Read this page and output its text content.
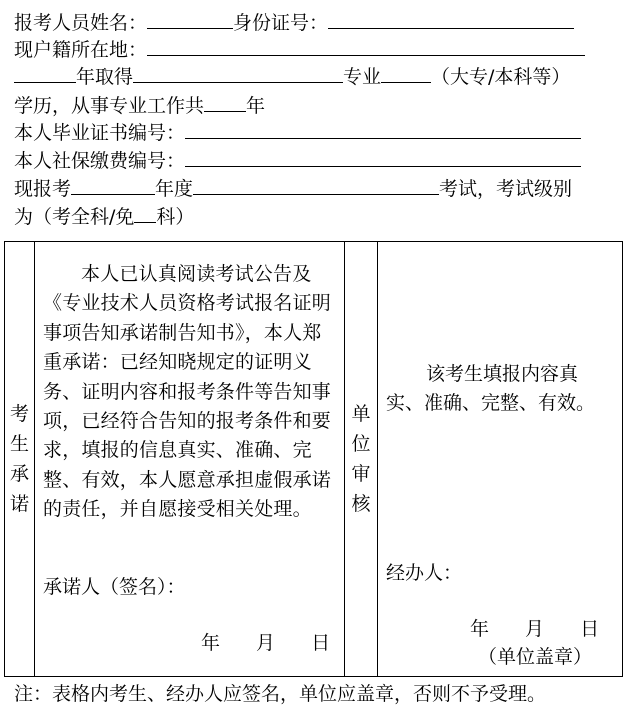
报考人员姓名：	身份证号：
现户籍所在地：
年取得	专业	（大专/本科等）
学历，从事专业工作共 年
本人毕业证书编号：
本人社保缴费编号：
现报考	年度	考试，考试级别
为（考全科/免 科）
考
生
承
诺

本人已认真阅读考试公告及《专业技术人员资格考试报名证明事项告知承诺制告知书》，本人郑重承诺：已经知晓规定的证明义务、证明内容和报考条件等告知事项，已经符合告知的报考条件和要求，填报的信息真实、准确、完整、有效，本人愿意承担虚假承诺的责任，并自愿接受相关处理。
承诺人（签名）：
年 月 日

单
位
审
核

该考生填报内容真实、准确、完整、有效。
经办人：
年 月 日
（单位盖章）
注：表格内考生、经办人应签名，单位应盖章，否则不予受理。
